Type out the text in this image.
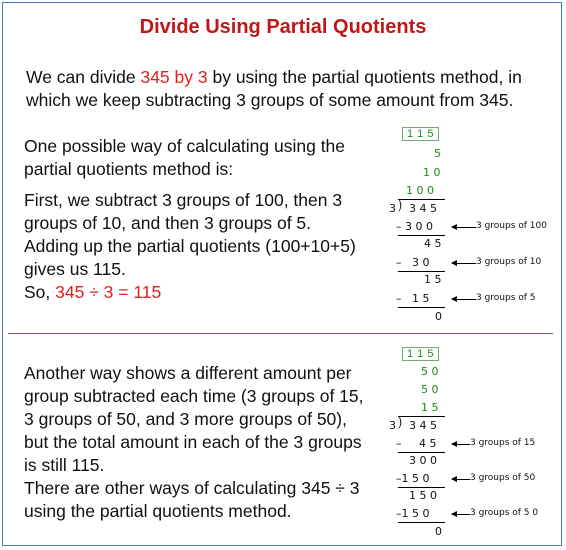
Divide Using Partial Quotients
We can divide 345 by 3 by using the partial quotients method, in which we keep subtracting 3 groups of some amount from 345.
One possible way of calculating using the partial quotients method is:
First, we subtract 3 groups of 100, then 3 groups of 10, and then 3 groups of 5. Adding up the partial quotients (100+10+5) gives us 115.
So, 345 ÷ 3 = 115
1 1 5
5
1 0
1 0 0
3 ⟌ 3 4 5
– 3 0 0	3 groups of 100
4 5
–   3 0	3 groups of 10
1 5
–   1 5	3 groups of 5
0
Another way shows a different amount per group subtracted each time (3 groups of 15, 3 groups of 50, and 3 more groups of 50), but the total amount in each of the 3 groups is still 115.
There are other ways of calculating 345 ÷ 3 using the partial quotients method.
1 1 5
5 0
5 0
1 5
3 ⟌ 3 4 5
–     4 5	3 groups of 15
3 0 0
–1 5 0	3 groups of 50
1 5 0
–1 5 0	3 groups of 5 0
0
